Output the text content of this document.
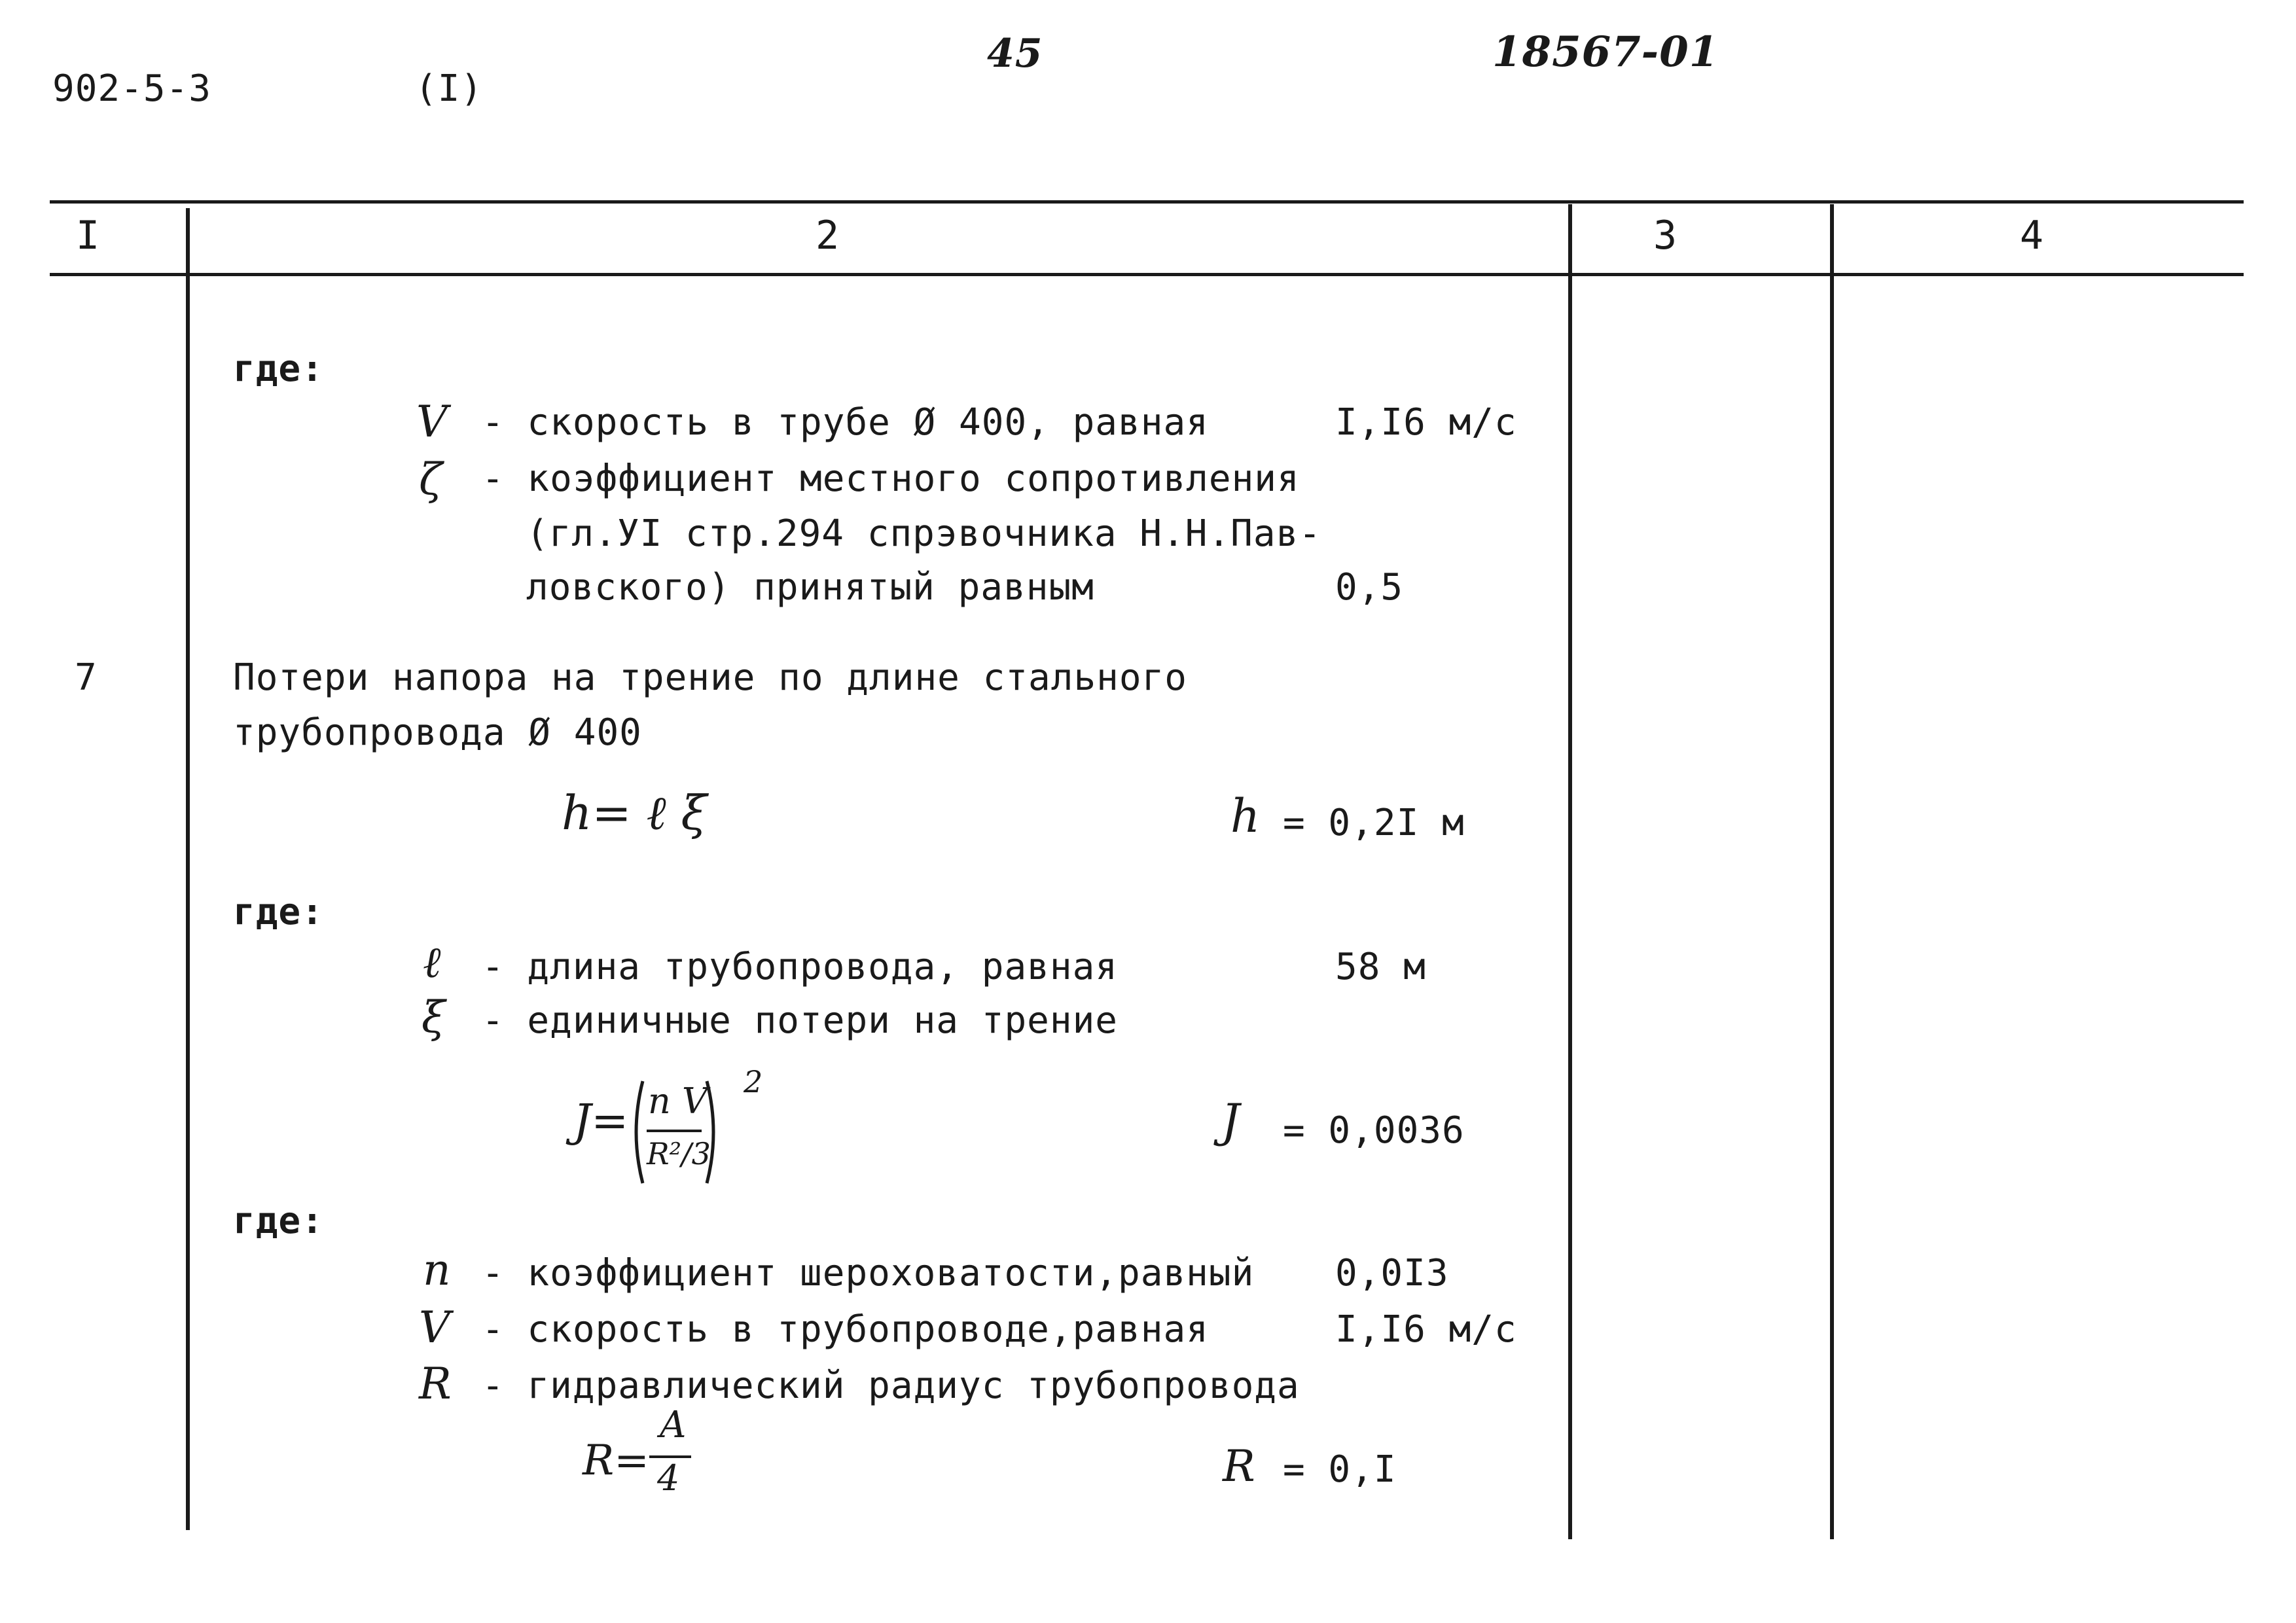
902-5-3	(I)
45	18567-01
I	2	3	4
где:
V - скорость в трубе Ø 400, равная	I,I6 м/с
ζ - коэффициент местного сопротивления
(гл.УI стр.294 спрэвочника Н.Н.Пав-
ловского) принятый равным	0,5
7	Потери напора на трение по длине стального
трубопровода Ø 400
h= ℓ ξ	h = 0,2I м
где:
ℓ - длина трубопровода, равная	58 м
ξ - единичные потери на трение
J= n V
R²/3
2
J = 0,0036
где:
n - коэффициент шероховатости,равный 0,0I3
V - скорость в трубопроводе,равная	I,I6 м/с
R - гидравлический радиус трубопровода
R=
A
4	R = 0,I
